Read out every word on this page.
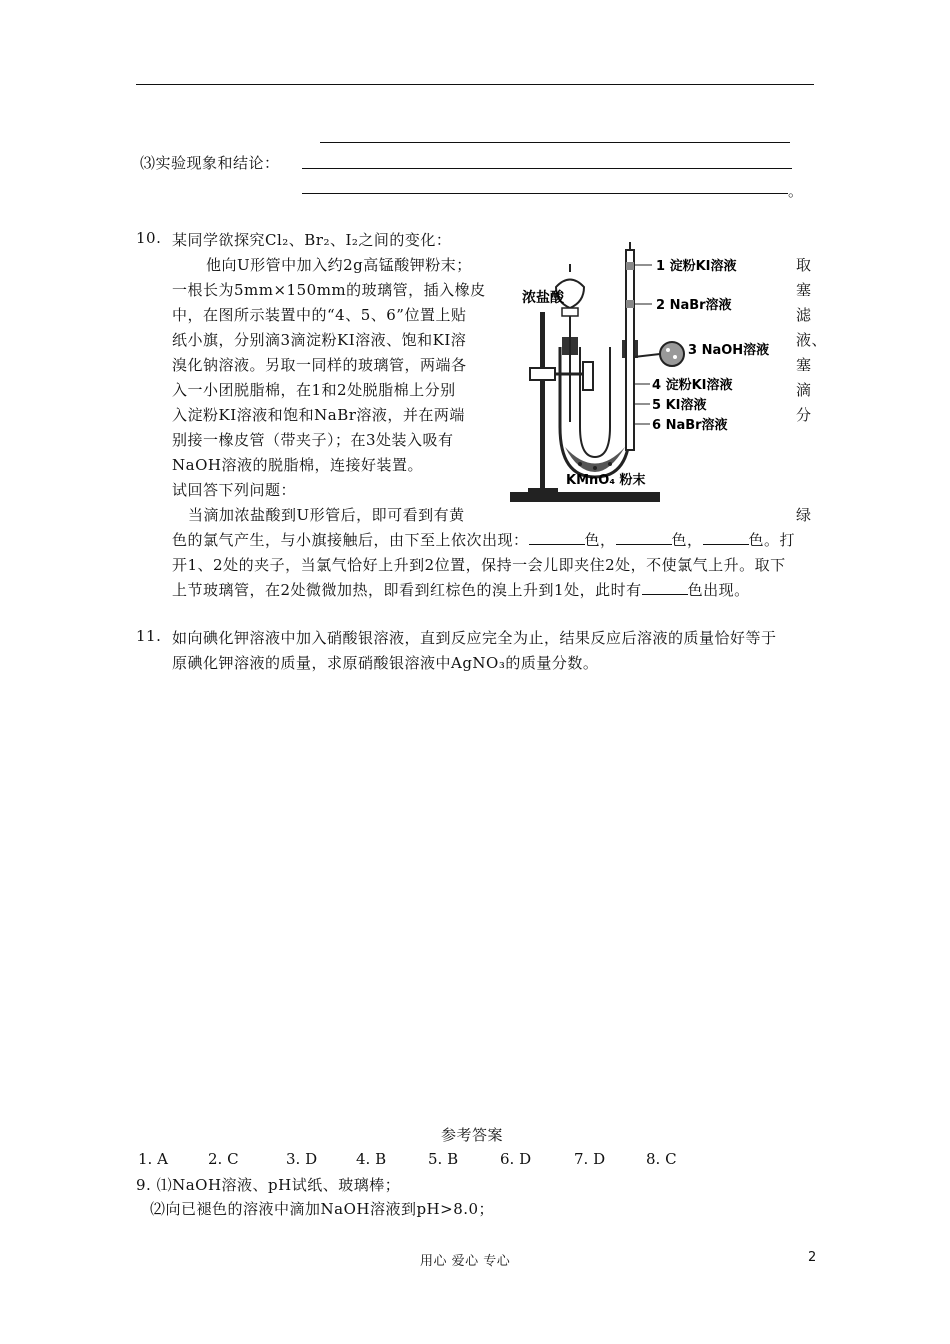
⑶实验现象和结论：
。
10. 某同学欲探究Cl₂、Br₂、I₂之间的变化：
他向U形管中加入约2g高锰酸钾粉末；
一根长为5mm×150mm的玻璃管，插入橡皮
中，在图所示装置中的“4、5、6”位置上贴
纸小旗，分别滴3滴淀粉KI溶液、饱和KI溶
溴化钠溶液。另取一同样的玻璃管，两端各
入一小团脱脂棉，在1和2处脱脂棉上分别
入淀粉KI溶液和饱和NaBr溶液，并在两端
别接一橡皮管（带夹子）；在3处装入吸有
NaOH溶液的脱脂棉，连接好装置。
试回答下列问题：
取
塞
滤
液、
塞
滴
分
当滴加浓盐酸到U形管后，即可看到有黄	绿
色的氯气产生，与小旗接触后，由下至上依次出现：	色，	色，	色。打
开1、2处的夹子，当氯气恰好上升到2位置，保持一会儿即夹住2处，不使氯气上升。取下
上节玻璃管，在2处微微加热，即看到红棕色的溴上升到1处，此时有	色出现。
浓盐酸
1 淀粉KI溶液
2 NaBr溶液
3 NaOH溶液
4 淀粉KI溶液
5 KI溶液
6 NaBr溶液
KMnO₄ 粉末
11. 如向碘化钾溶液中加入硝酸银溶液，直到反应完全为止，结果反应后溶液的质量恰好等于
原碘化钾溶液的质量，求原硝酸银溶液中AgNO₃的质量分数。
参考答案
1. A	2. C	3. D	4. B	5. B	6. D	7. D	8. C
9. ⑴NaOH溶液、pH试纸、玻璃棒；
⑵向已褪色的溶液中滴加NaOH溶液到pH>8.0；
用心 爱心 专心	2
